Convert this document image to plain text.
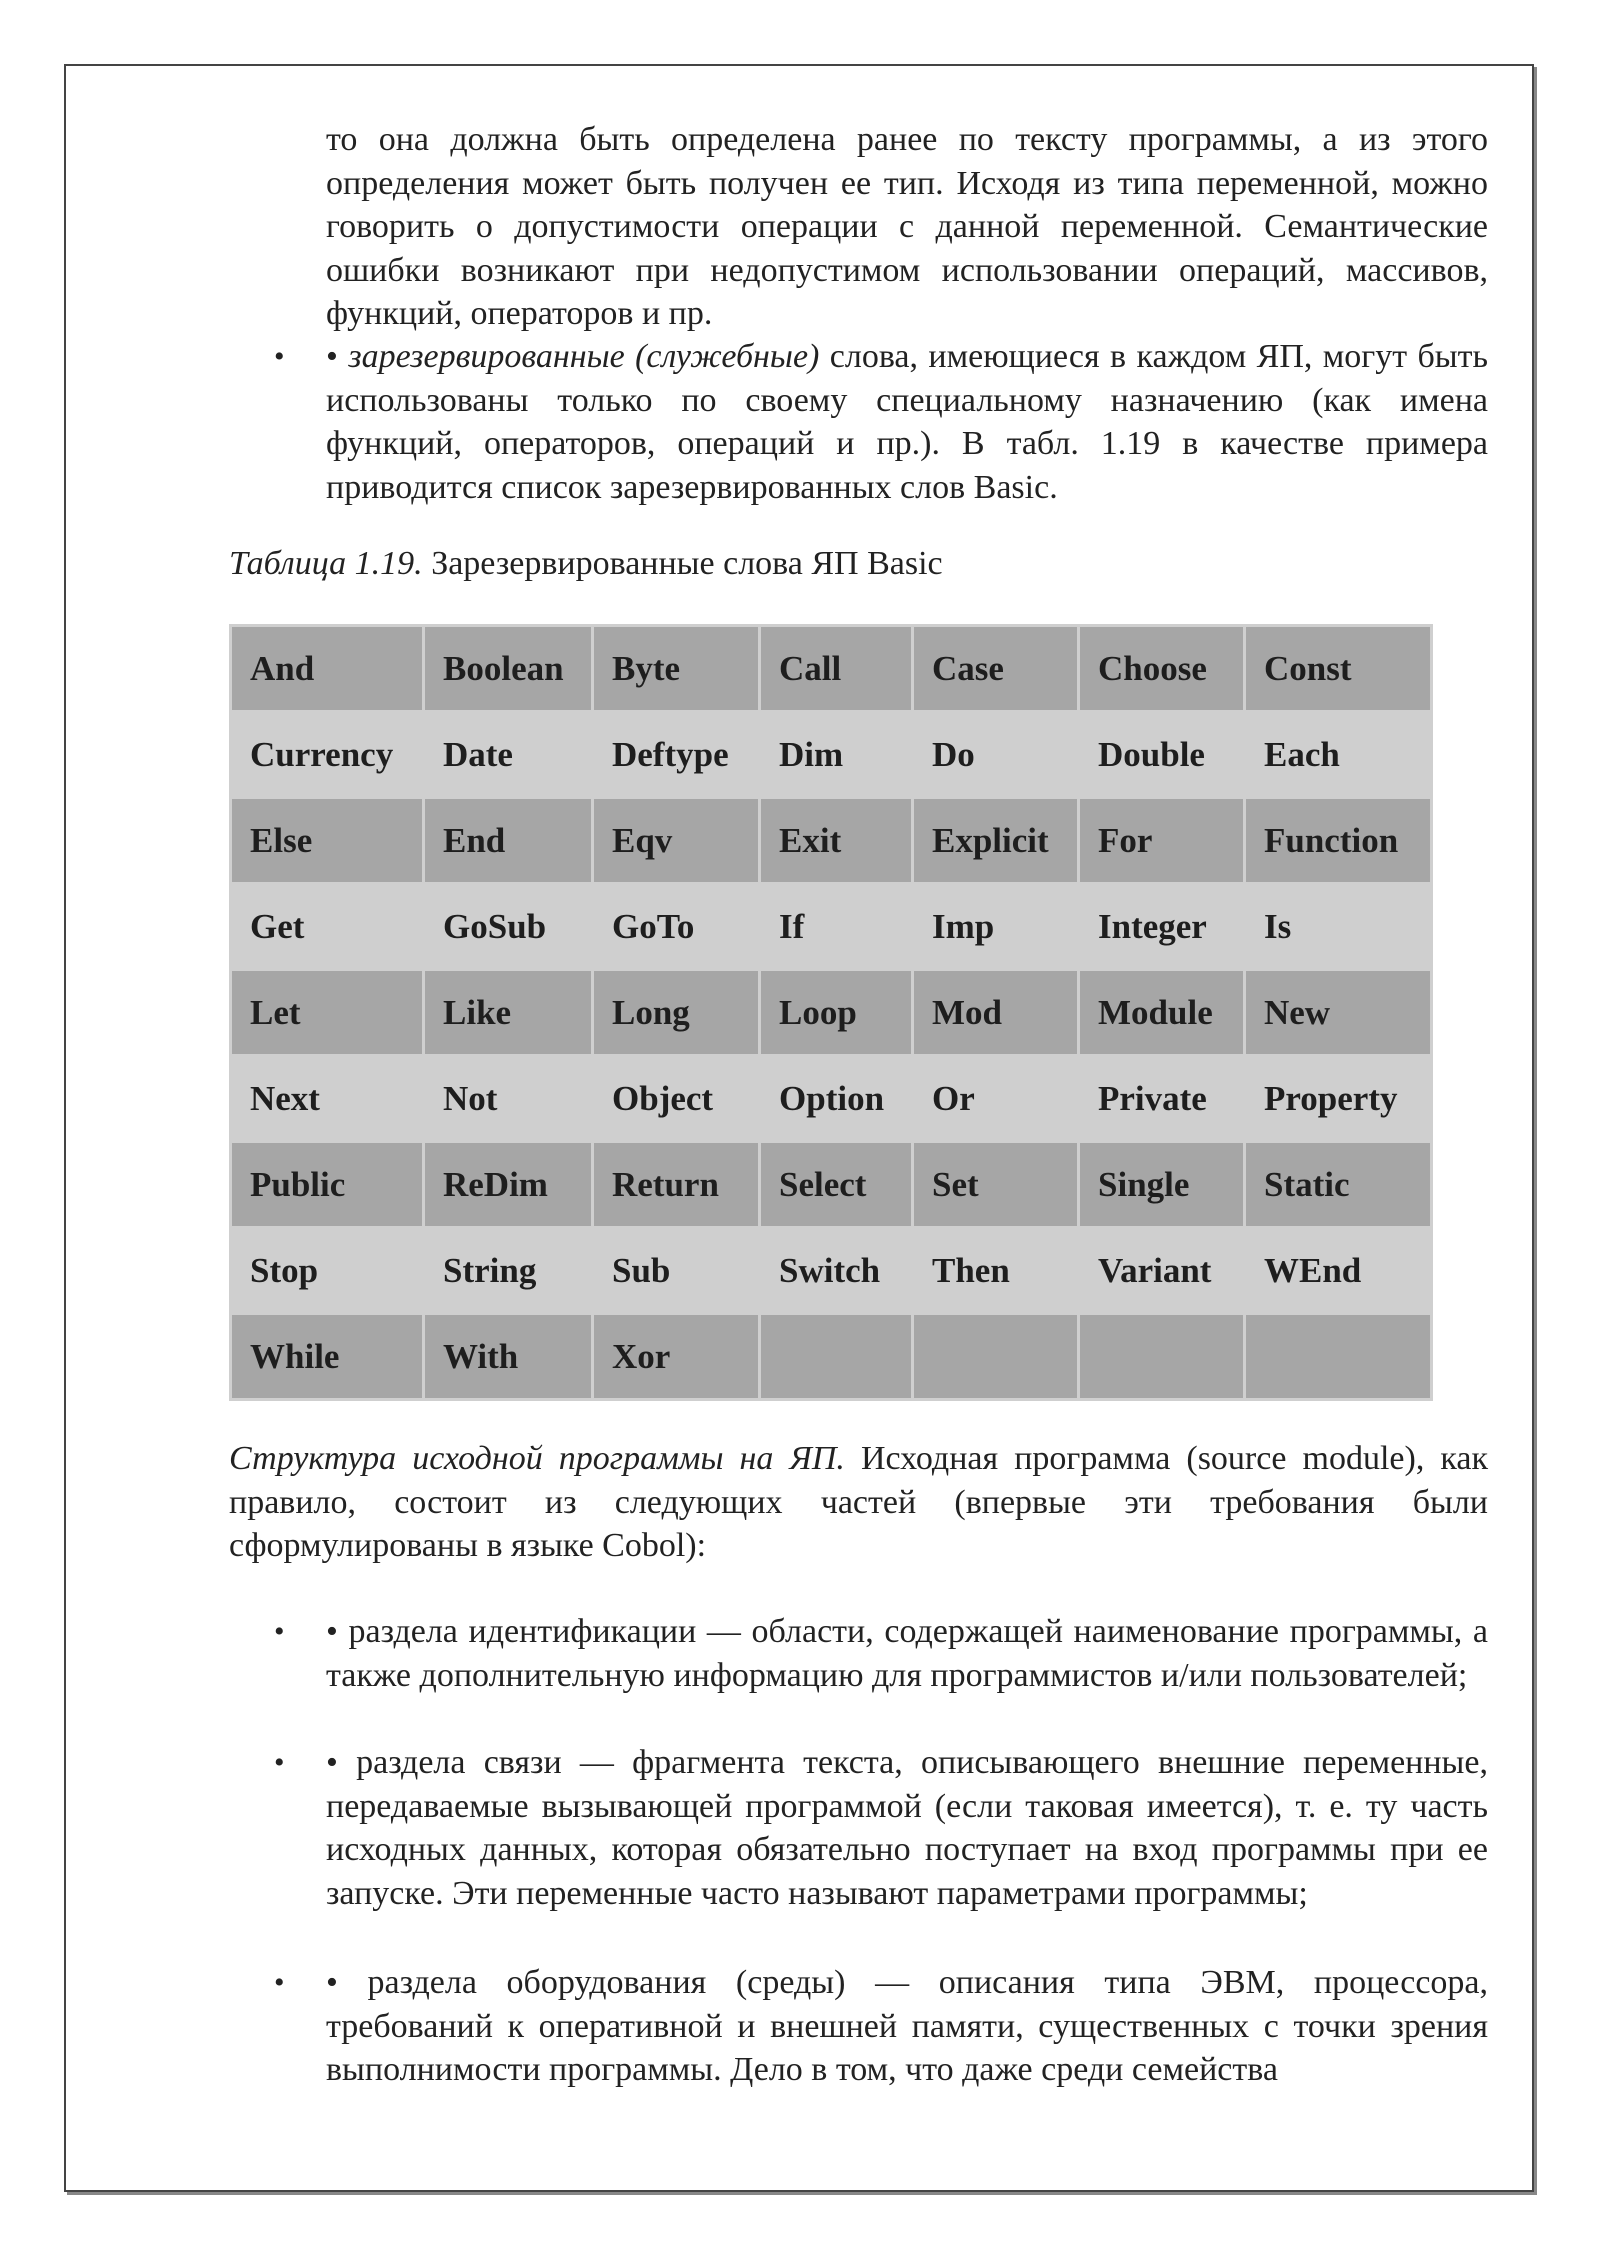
то она должна быть определена ранее по тексту программы, а из этого определения может быть получен ее тип. Исходя из типа переменной, можно говорить о допустимости операции с данной переменной. Семантические ошибки возникают при недопустимом использовании операций, массивов, функций, операторов и пр.
• • зарезервированные (служебные) слова, имеющиеся в каждом ЯП, могут быть использованы только по своему специальному назначению (как имена функций, операторов, операций и пр.). В табл. 1.19 в качестве примера приводится список зарезервированных слов Basic.
Таблица 1.19. Зарезервированные слова ЯП Basic
And	Boolean	Byte	Call	Case	Choose	Const
Currency	Date	Deftype	Dim	Do	Double	Each
Else	End	Eqv	Exit	Explicit	For	Function
Get	GoSub	GoTo	If	Imp	Integer	Is
Let	Like	Long	Loop	Mod	Module	New
Next	Not	Object	Option	Or	Private	Property
Public	ReDim	Return	Select	Set	Single	Static
Stop	String	Sub	Switch	Then	Variant	WEnd
While	With	Xor				
Структура исходной программы на ЯП. Исходная программа (source module), как правило, состоит из следующих частей (впервые эти требования были сформулированы в языке Cobol):
• • раздела идентификации — области, содержащей наименование программы, а также дополнительную информацию для программистов и/или пользователей;
• • раздела связи — фрагмента текста, описывающего внешние переменные, передаваемые вызывающей программой (если таковая имеется), т. е. ту часть исходных данных, которая обязательно поступает на вход программы при ее запуске. Эти переменные часто называют параметрами программы;
• • раздела оборудования (среды) — описания типа ЭВМ, процессора, требований к оперативной и внешней памяти, существенных с точки зрения выполнимости программы. Дело в том, что даже среди семейства
